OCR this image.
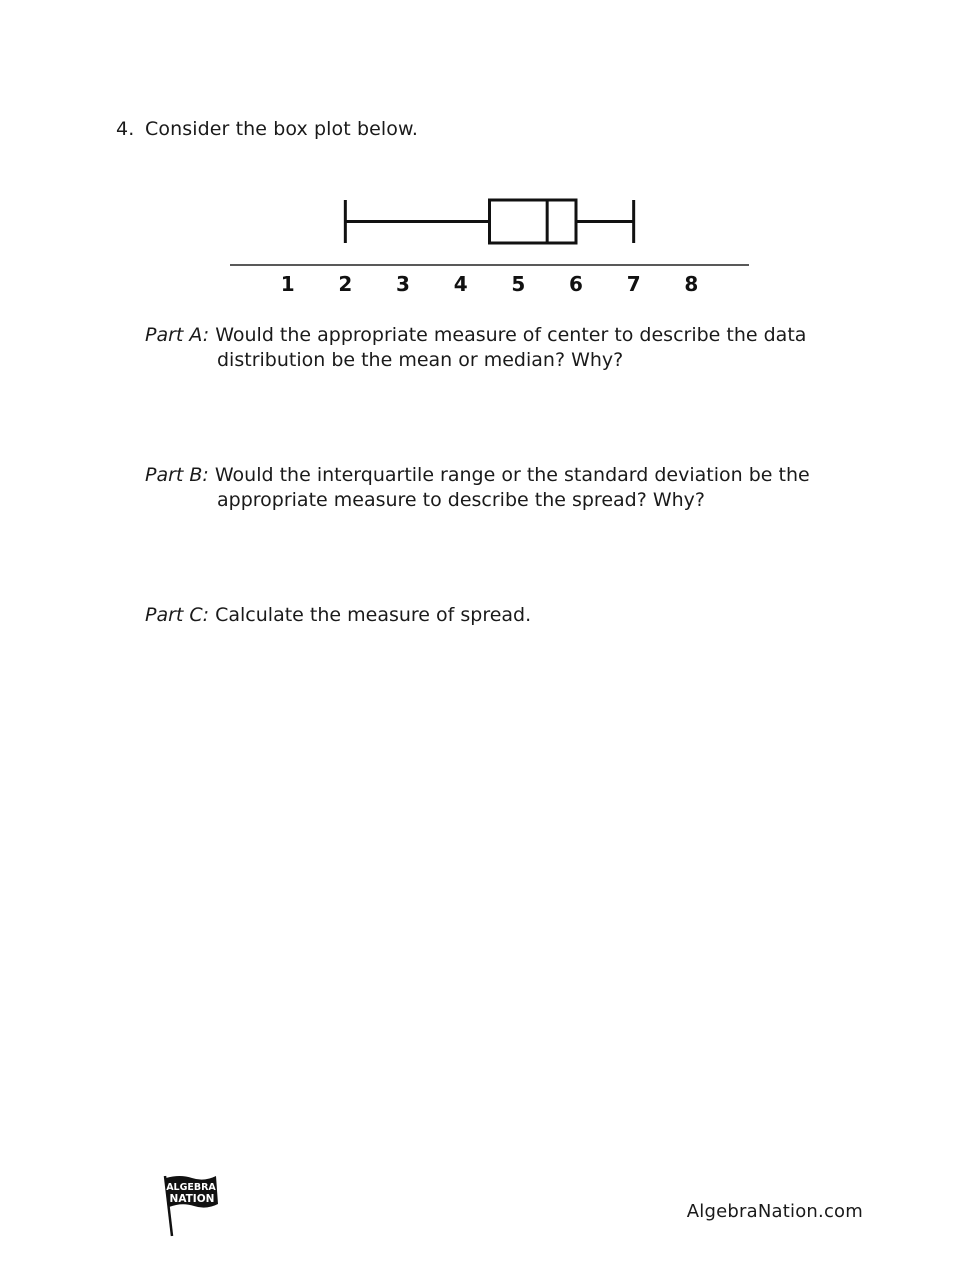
4. Consider the box plot below.
1 2 3 4 5 6 7 8
Part A: Would the appropriate measure of center to describe the data
distribution be the mean or median? Why?
Part B: Would the interquartile range or the standard deviation be the
appropriate measure to describe the spread? Why?
Part C: Calculate the measure of spread.
ALGEBRA
NATION
AlgebraNation.com
